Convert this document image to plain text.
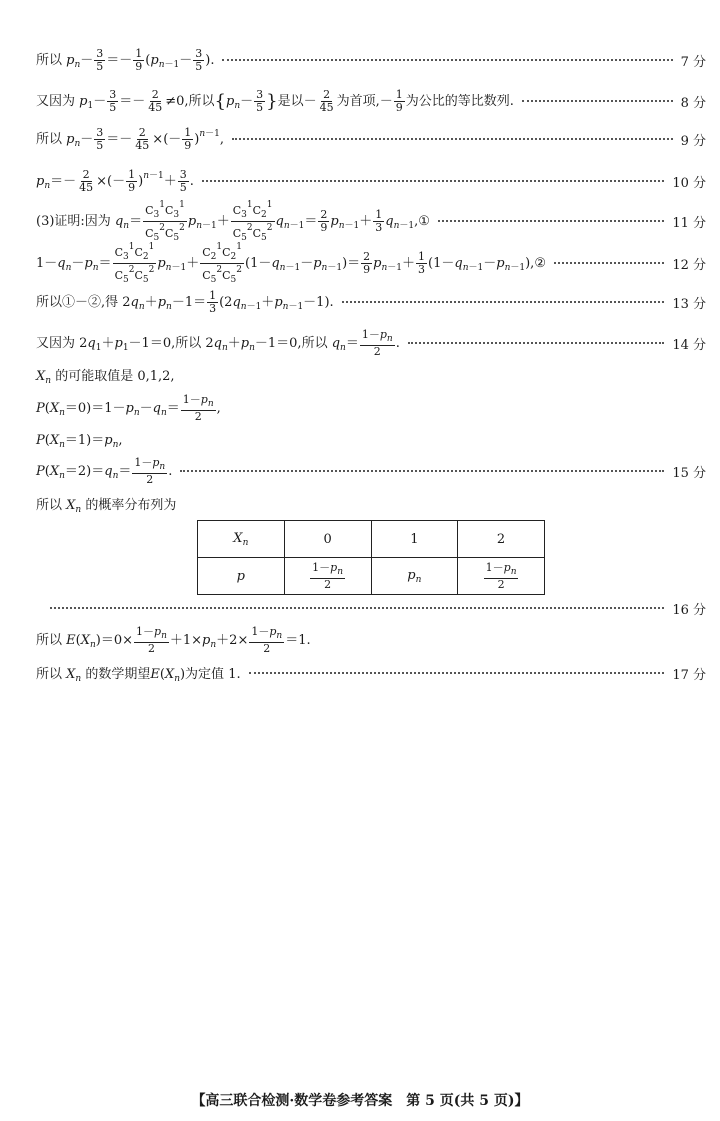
所以 $p_n- \frac{3}{5} =- \frac{1}{9} (p_{n-1}- \frac{3}{5}$ ).	7 分
又因为 $p_1- \frac{3}{5} =- \frac{2}{45} \ne 0$,所以{$p_n- \frac{3}{5}$ }是以－ $\frac{2}{45}$ 为首项,－ $\frac{1}{9}$ 为公比的等比数列.	8 分
所以 $p_n- \frac{3}{5} =- \frac{2}{45}$ ×(－ $\frac{1}{9} )^{n-1}$,	9 分
$p_n=- \frac{2}{45}$ ×(－ $\frac{1}{9} )^{n-1}+ \frac{3}{5}$ .	10 分
(3)证明:因为 $q_n= \frac{C_3^1C_3^1}{C_5^2C_5^2} p_{n-1}+ \frac{C_3^1C_2^1}{C_5^2C_5^2} q_{n-1}= \frac{2}{9} p_{n-1}+ \frac{1}{3}$ $q_{n-1},①$	11 分
$1-q_n-p_n= \frac{C_3^1C_2^1}{C_5^2C_5^2} p_{n-1}+ \frac{C_2^1C_2^1}{C_5^2C_5^2} (1-q_{n-1}-p_{n-1})= \frac{2}{9} p_{n-1}+ \frac{1}{3}$ $(1-q_{n-1}-p_{n-1}),②$	12 分
所以①－②,得 $2q_n+p_n-1= \frac{1}{3} (2q_{n-1}+p_{n-1}-1)$.	13 分
又因为 $2q_1+p_1-1=0$,所以 $2q_n+p_n-1=0$,所以 $q_n= \frac{1-p_n}{2}$ .	14 分
$X_n$ 的可能取值是 0,1,2,
$P(X_n=0)=1-p_n-q_n= \frac{1-p_n}{2}$ ,
$P(X_n=1)=p_n$,
$P(X_n=2)=q_n= \frac{1-p_n}{2}$ .	15 分
所以 $X_n$ 的概率分布列为
$X_n$	0	1	2
p	$\frac{1-p_n}{2}$	$p_n$	$\frac{1-p_n}{2}$
16 分
所以 $E(X_n)=0\times \frac{1-p_n}{2} +1\times p_n+2\times \frac{1-p_n}{2} =1$.
所以 $X_n$ 的数学期望$E(X_n)$为定值 1.	17 分
【高三联合检测·数学卷参考答案　第 5 页(共 5 页)】
